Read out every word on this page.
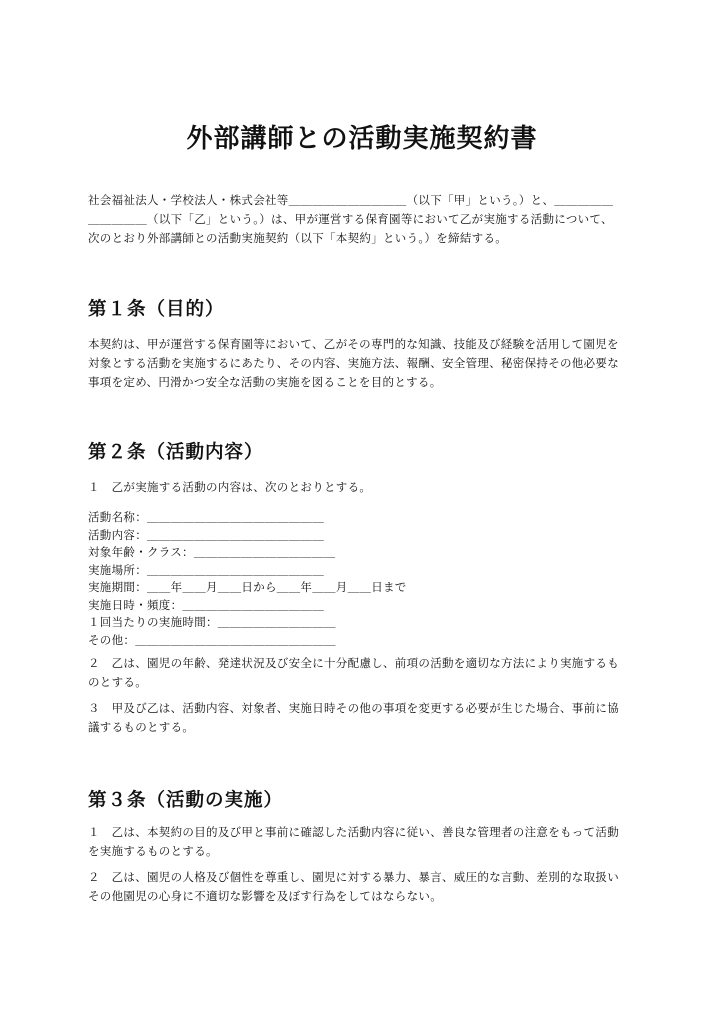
外部講師との活動実施契約書
社会福祉法人・学校法人・株式会社等＿＿＿＿＿＿＿＿＿＿（以下「甲」という。）と、＿＿＿＿＿
＿＿＿＿＿（以下「乙」という。）は、甲が運営する保育園等において乙が実施する活動について、
次のとおり外部講師との活動実施契約（以下「本契約」という。）を締結する。
第１条（目的）
本契約は、甲が運営する保育園等において、乙がその専門的な知識、技能及び経験を活用して園児を
対象とする活動を実施するにあたり、その内容、実施方法、報酬、安全管理、秘密保持その他必要な
事項を定め、円滑かつ安全な活動の実施を図ることを目的とする。
第２条（活動内容）
１　乙が実施する活動の内容は、次のとおりとする。
活動名称：＿＿＿＿＿＿＿＿＿＿＿＿＿＿＿
活動内容：＿＿＿＿＿＿＿＿＿＿＿＿＿＿＿
対象年齢・クラス：＿＿＿＿＿＿＿＿＿＿＿＿
実施場所：＿＿＿＿＿＿＿＿＿＿＿＿＿＿＿
実施期間：＿＿年＿＿月＿＿日から＿＿年＿＿月＿＿日まで
実施日時・頻度：＿＿＿＿＿＿＿＿＿＿＿＿
１回当たりの実施時間：＿＿＿＿＿＿＿＿＿＿
その他：＿＿＿＿＿＿＿＿＿＿＿＿＿＿＿＿＿
２　乙は、園児の年齢、発達状況及び安全に十分配慮し、前項の活動を適切な方法により実施するも
のとする。
３　甲及び乙は、活動内容、対象者、実施日時その他の事項を変更する必要が生じた場合、事前に協
議するものとする。
第３条（活動の実施）
１　乙は、本契約の目的及び甲と事前に確認した活動内容に従い、善良な管理者の注意をもって活動
を実施するものとする。
２　乙は、園児の人格及び個性を尊重し、園児に対する暴力、暴言、威圧的な言動、差別的な取扱い
その他園児の心身に不適切な影響を及ぼす行為をしてはならない。
